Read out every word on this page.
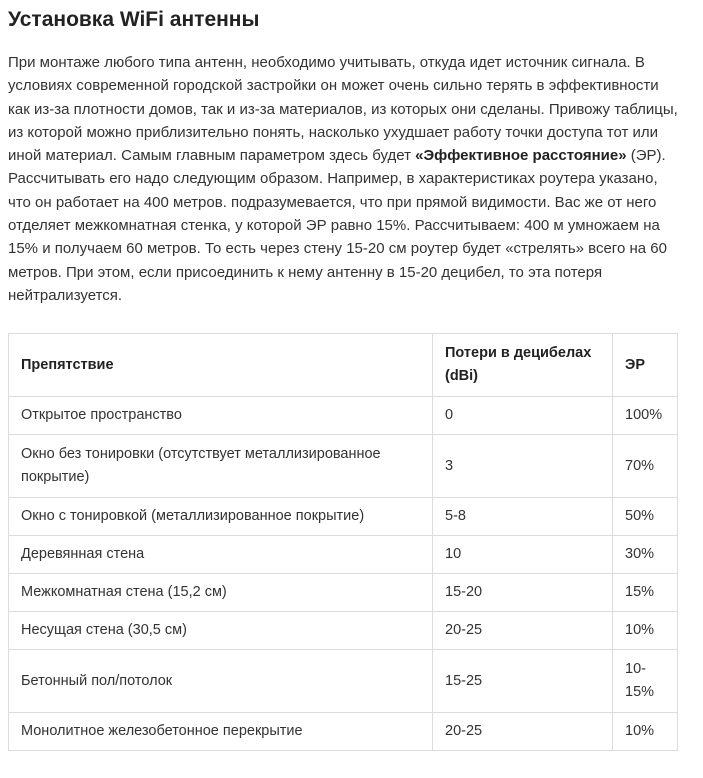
Установка WiFi антенны

При монтаже любого типа антенн, необходимо учитывать, откуда идет источник сигнала. В условиях современной городской застройки он может очень сильно терять в эффективности как из-за плотности домов, так и из-за материалов, из которых они сделаны. Привожу таблицы, из которой можно приблизительно понять, насколько ухудшает работу точки доступа тот или иной материал. Самым главным параметром здесь будет «Эффективное расстояние» (ЭР). Рассчитывать его надо следующим образом. Например, в характеристиках роутера указано, что он работает на 400 метров. подразумевается, что при прямой видимости. Вас же от него отделяет межкомнатная стенка, у которой ЭР равно 15%. Рассчитываем: 400 м умножаем на 15% и получаем 60 метров. То есть через стену 15-20 см роутер будет «стрелять» всего на 60 метров. При этом, если присоединить к нему антенну в 15-20 децибел, то эта потеря нейтрализуется.

Препятствие	Потери в децибелах (dBi)	ЭР
Открытое пространство	0	100%
Окно без тонировки (отсутствует металлизированное покрытие)	3	70%
Окно с тонировкой (металлизированное покрытие)	5-8	50%
Деревянная стена	10	30%
Межкомнатная стена (15,2 см)	15-20	15%
Несущая стена (30,5 см)	20-25	10%
Бетонный пол/потолок	15-25	10-15%
Монолитное железобетонное перекрытие	20-25	10%
